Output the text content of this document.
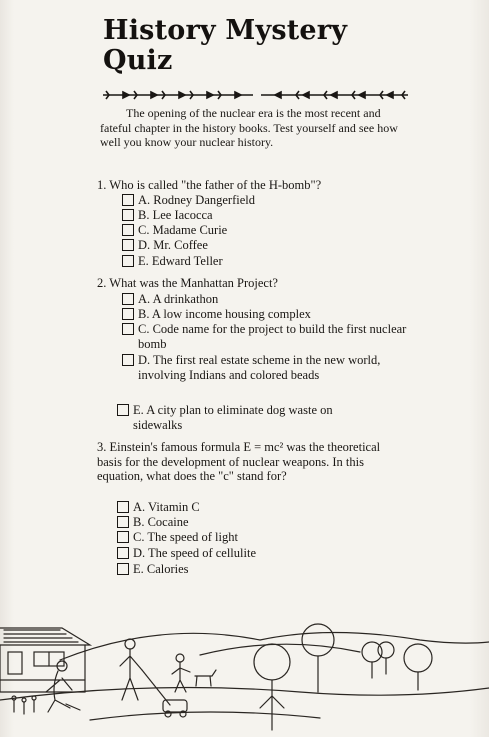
History Mystery Quiz
The opening of the nuclear era is the most recent and fateful chapter in the history books. Test yourself and see how well you know your nuclear history.
1. Who is called "the father of the H-bomb"?
A. Rodney Dangerfield
B. Lee Iacocca
C. Madame Curie
D. Mr. Coffee
E. Edward Teller
2. What was the Manhattan Project?
A. A drinkathon
B. A low income housing complex
C. Code name for the project to build the first nuclear bomb
D. The first real estate scheme in the new world, involving Indians and colored beads
E. A city plan to eliminate dog waste on sidewalks
3. Einstein's famous formula E = mc² was the theoretical basis for the development of nuclear weapons. In this equation, what does the "c" stand for?
A. Vitamin C
B. Cocaine
C. The speed of light
D. The speed of cellulite
E. Calories
